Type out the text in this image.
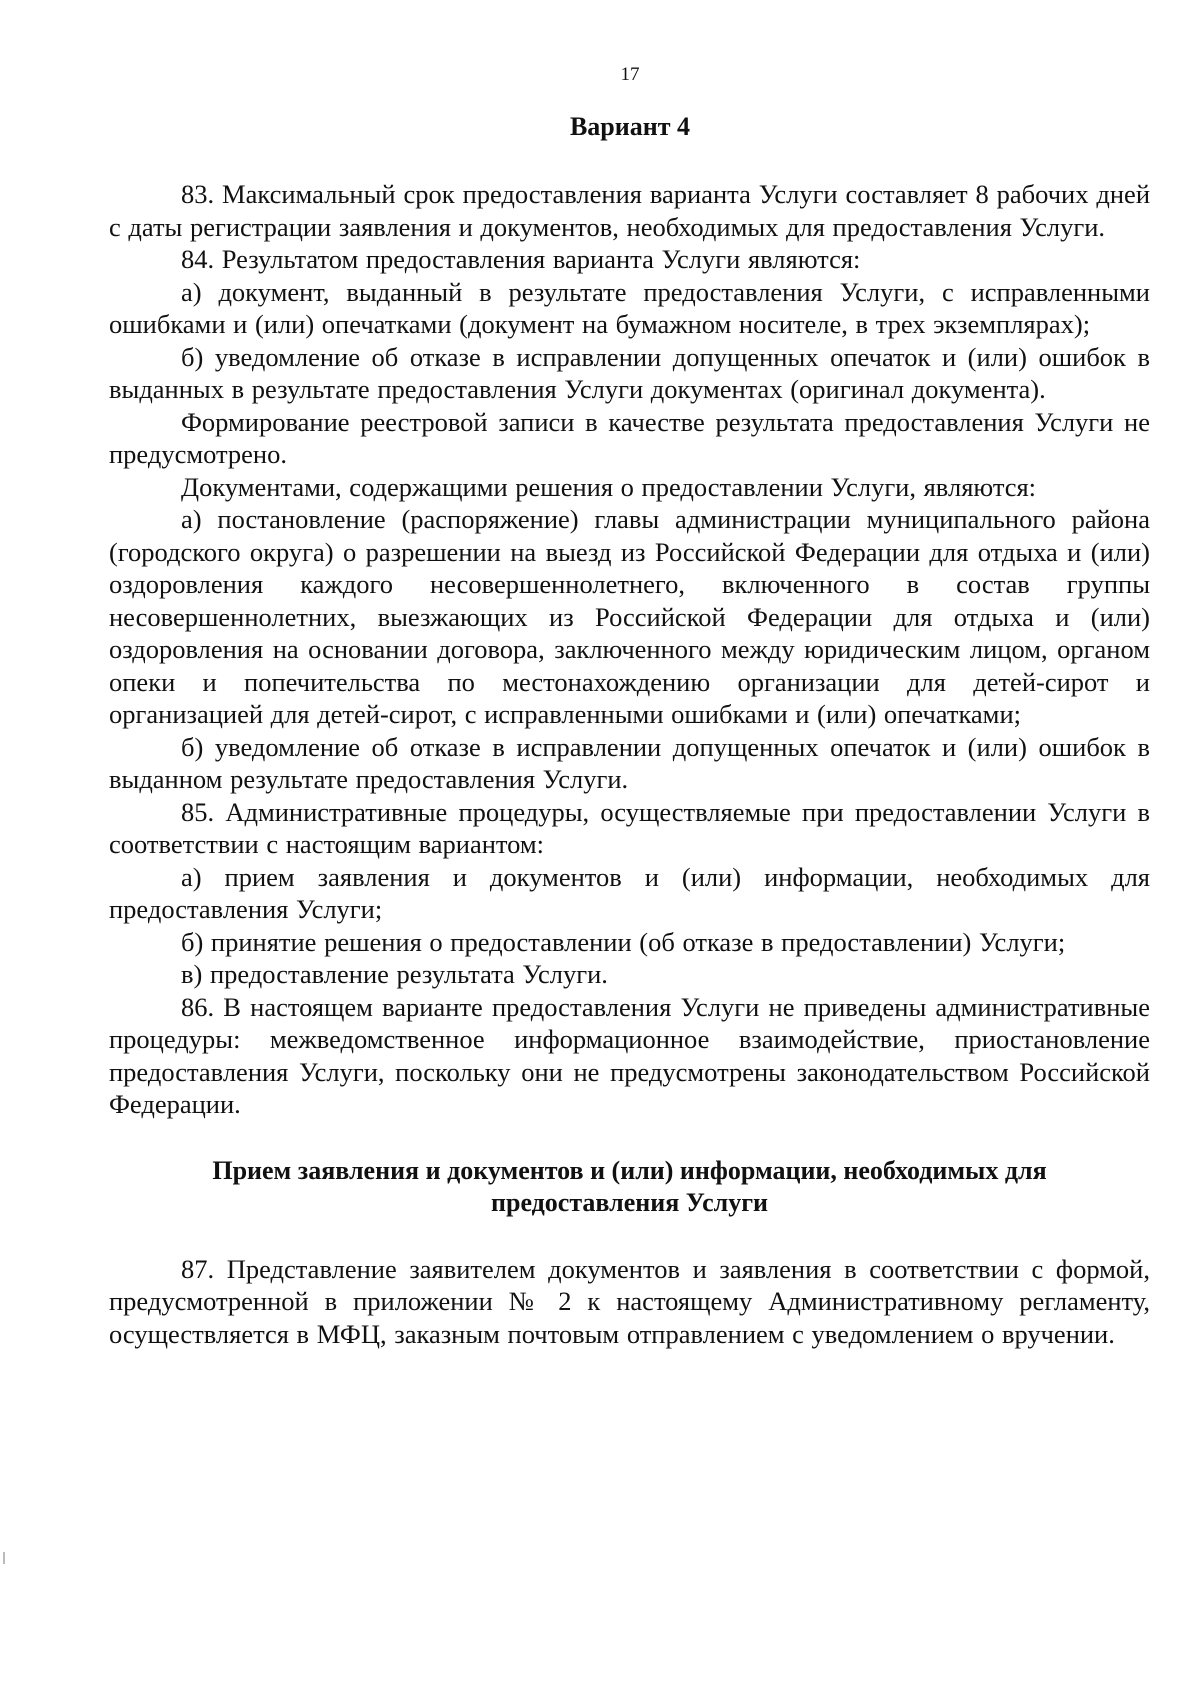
17
Вариант 4

83. Максимальный срок предоставления варианта Услуги составляет 8 рабочих дней с даты регистрации заявления и документов, необходимых для предоставления Услуги.

84. Результатом предоставления варианта Услуги являются:

а) документ, выданный в результате предоставления Услуги, с исправленными ошибками и (или) опечатками (документ на бумажном носителе, в трех экземплярах);

б) уведомление об отказе в исправлении допущенных опечаток и (или) ошибок в выданных в результате предоставления Услуги документах (оригинал документа).

Формирование реестровой записи в качестве результата предоставления Услуги не предусмотрено.

Документами, содержащими решения о предоставлении Услуги, являются:

а) постановление (распоряжение) главы администрации муниципального района (городского округа) о разрешении на выезд из Российской Федерации для отдыха и (или) оздоровления каждого несовершеннолетнего, включенного в состав группы несовершеннолетних, выезжающих из Российской Федерации для отдыха и (или) оздоровления на основании договора, заключенного между юридическим лицом, органом опеки и попечительства по местонахождению организации для детей-сирот и организацией для детей-сирот, с исправленными ошибками и (или) опечатками;

б) уведомление об отказе в исправлении допущенных опечаток и (или) ошибок в выданном результате предоставления Услуги.

85. Административные процедуры, осуществляемые при предоставлении Услуги в соответствии с настоящим вариантом:

а) прием заявления и документов и (или) информации, необходимых для предоставления Услуги;

б) принятие решения о предоставлении (об отказе в предоставлении) Услуги;

в) предоставление результата Услуги.

86. В настоящем варианте предоставления Услуги не приведены административные процедуры: межведомственное информационное взаимодействие, приостановление предоставления Услуги, поскольку они не предусмотрены законодательством Российской Федерации.

Прием заявления и документов и (или) информации, необходимых для
предоставления Услуги

87. Представление заявителем документов и заявления в соответствии с формой, предусмотренной в приложении № 2 к настоящему Административному регламенту, осуществляется в МФЦ, заказным почтовым отправлением с уведомлением о вручении.
